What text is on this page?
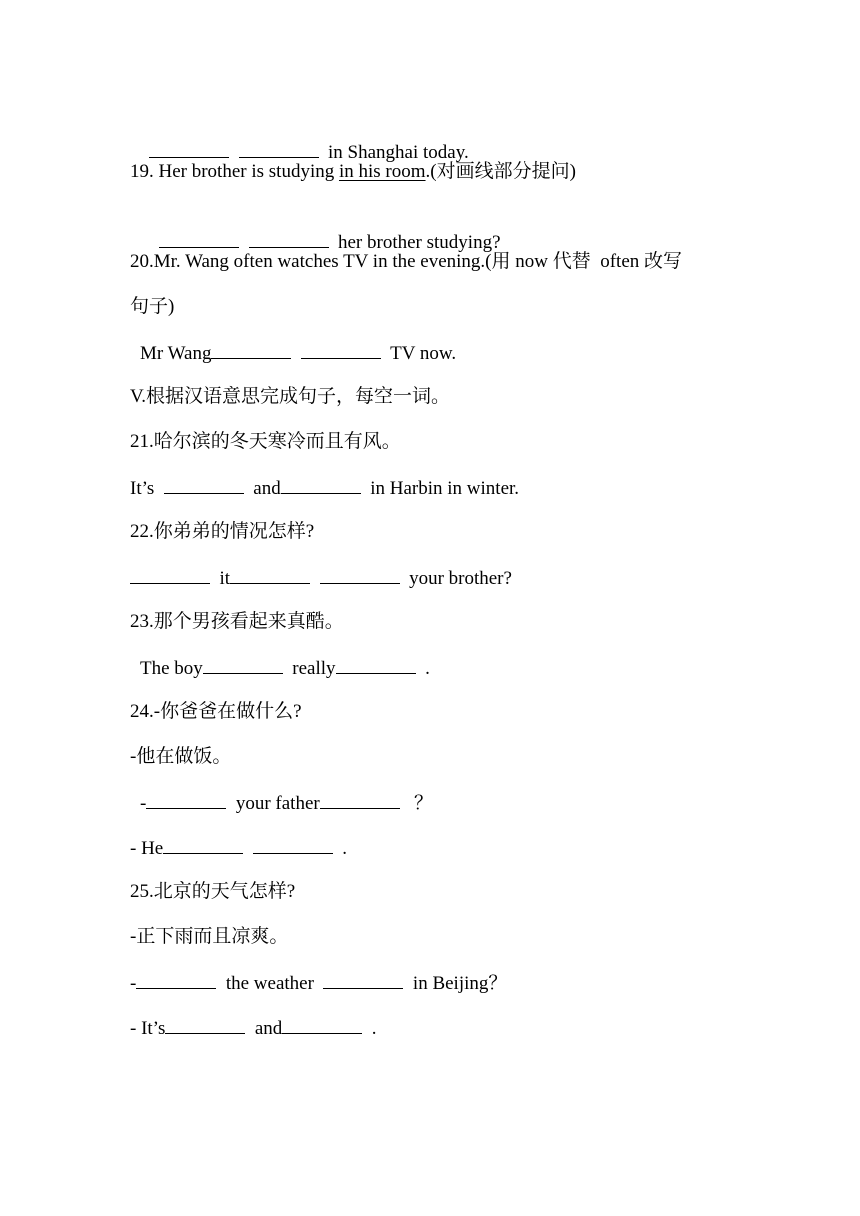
in Shanghai today.

19. Her brother is studying in his room.(对画线部分提问)

her brother studying?

20.Mr. Wang often watches TV in the evening.(用 now 代替  often 改写
句子)
Mr Wang	TV now.
V.根据汉语意思完成句子，每空一词。
21.哈尔滨的冬天寒冷而且有风。
It’s	and	in Harbin in winter.
22.你弟弟的情况怎样?
it	your brother?
23.那个男孩看起来真酷。
The boy	really	.
24.-你爸爸在做什么?
-他在做饭。
-	your father	？
- He	.
25.北京的天气怎样?
-正下雨而且凉爽。
-	the weather	in Beijing？
- It’s	and	.
